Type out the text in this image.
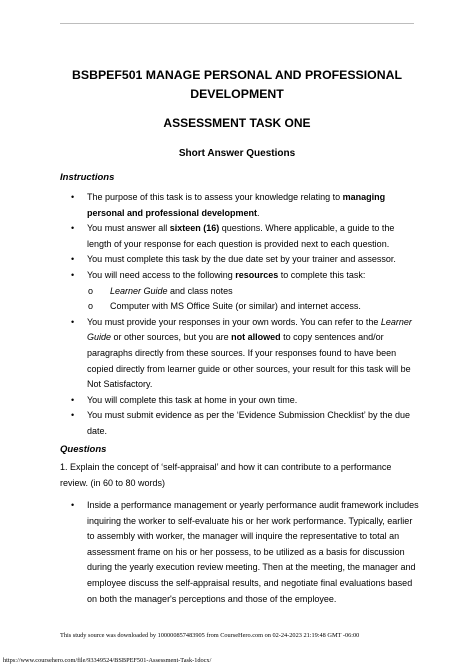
BSBPEF501 MANAGE PERSONAL AND PROFESSIONAL
DEVELOPMENT
ASSESSMENT TASK ONE
Short Answer Questions
Instructions
• The purpose of this task is to assess your knowledge relating to managing personal and professional development.
• You must answer all sixteen (16) questions. Where applicable, a guide to the length of your response for each question is provided next to each question.
• You must complete this task by the due date set by your trainer and assessor.
• You will need access to the following resources to complete this task:
o Learner Guide and class notes
o Computer with MS Office Suite (or similar) and internet access.
• You must provide your responses in your own words. You can refer to the Learner Guide or other sources, but you are not allowed to copy sentences and/or paragraphs directly from these sources. If your responses found to have been copied directly from learner guide or other sources, your result for this task will be Not Satisfactory.
• You will complete this task at home in your own time.
• You must submit evidence as per the ‘Evidence Submission Checklist’ by the due date.
Questions
1. Explain the concept of ‘self-appraisal’ and how it can contribute to a performance review. (in 60 to 80 words)
• Inside a performance management or yearly performance audit framework includes inquiring the worker to self-evaluate his or her work performance. Typically, earlier to assembly with worker, the manager will inquire the representative to total an assessment frame on his or her possess, to be utilized as a basis for discussion during the yearly execution review meeting. Then at the meeting, the manager and employee discuss the self-appraisal results, and negotiate final evaluations based on both the manager's perceptions and those of the employee.
This study source was downloaded by 100000857483905 from CourseHero.com on 02-24-2023 21:19:48 GMT -06:00
https://www.coursehero.com/file/93349524/BSBPEF501-Assessment-Task-1docx/
